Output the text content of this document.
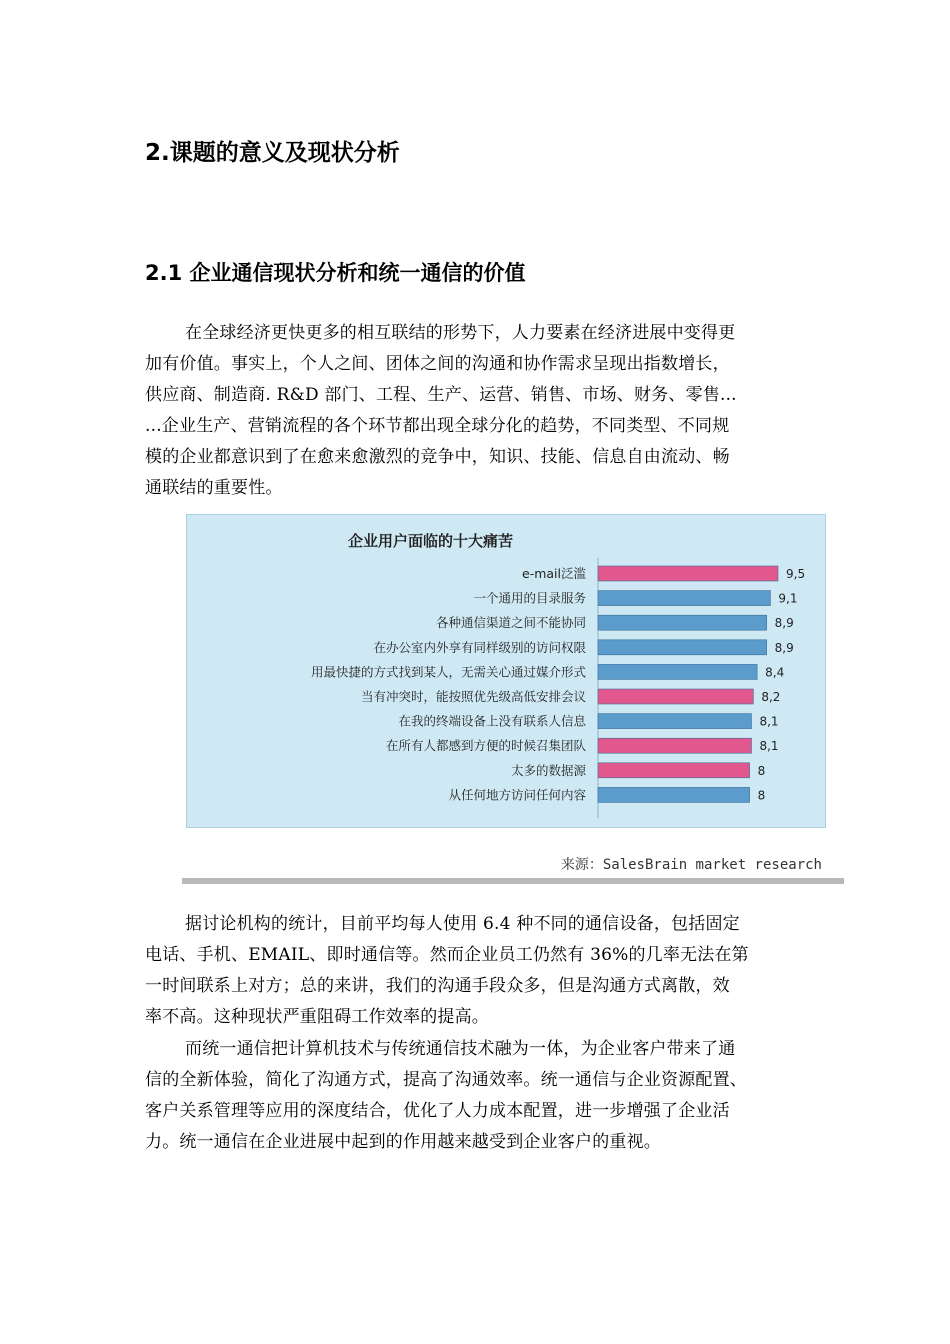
2.课题的意义及现状分析
2.1 企业通信现状分析和统一通信的价值
在全球经济更快更多的相互联结的形势下，人力要素在经济进展中变得更
加有价值。事实上，个人之间、团体之间的沟通和协作需求呈现出指数增长，
供应商、制造商. R&D 部门、工程、生产、运营、销售、市场、财务、零售...
...企业生产、营销流程的各个环节都出现全球分化的趋势，不同类型、不同规
模的企业都意识到了在愈来愈激烈的竞争中，知识、技能、信息自由流动、畅
通联结的重要性。
企业用户面临的十大痛苦
e-mail泛滥	9,5
一个通用的目录服务	9,1
各种通信渠道之间不能协同	8,9
在办公室内外享有同样级别的访问权限	8,9
用最快捷的方式找到某人，无需关心通过媒介形式	8,4
当有冲突时，能按照优先级高低安排会议	8,2
在我的终端设备上没有联系人信息	8,1
在所有人都感到方便的时候召集团队	8,1
太多的数据源	8
从任何地方访问任何内容	8
来源：SalesBrain market research
据讨论机构的统计，目前平均每人使用 6.4 种不同的通信设备，包括固定
电话、手机、EMAIL、即时通信等。然而企业员工仍然有 36%的几率无法在第
一时间联系上对方；总的来讲，我们的沟通手段众多，但是沟通方式离散，效
率不高。这种现状严重阻碍工作效率的提高。
而统一通信把计算机技术与传统通信技术融为一体，为企业客户带来了通
信的全新体验，简化了沟通方式，提高了沟通效率。统一通信与企业资源配置、
客户关系管理等应用的深度结合，优化了人力成本配置，进一步增强了企业活
力。统一通信在企业进展中起到的作用越来越受到企业客户的重视。
